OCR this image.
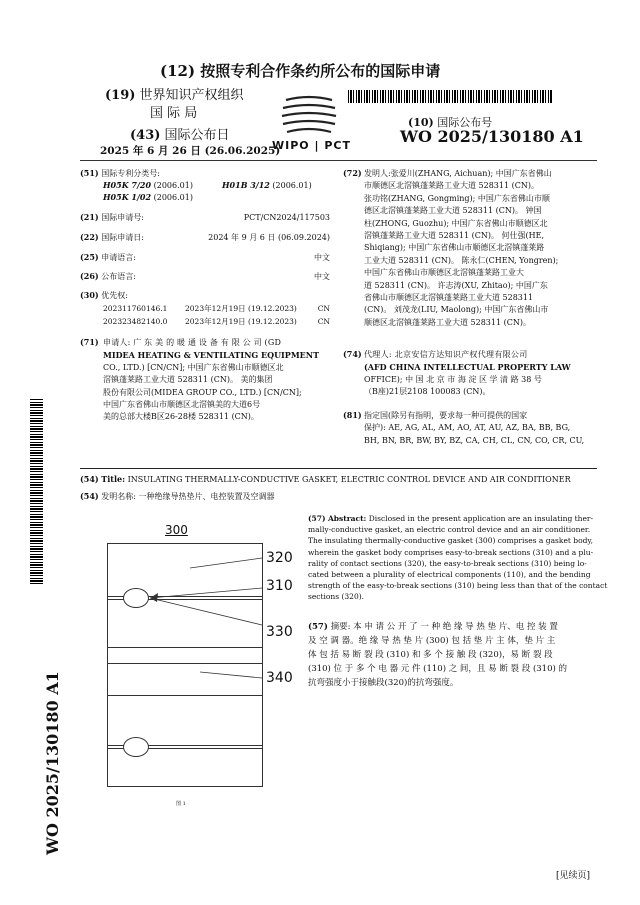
(12) 按照专利合作条约所公布的国际申请
(19) 世界知识产权组织
国 际 局
(43) 国际公布日
2025 年 6 月 26 日 (26.06.2025)
WIPO | PCT
(10) 国际公布号
WO 2025/130180 A1
(51) 国际专利分类号:
H05K 7/20 (2006.01)	H01B 3/12 (2006.01)
H05K 1/02 (2006.01)
(21) 国际申请号:	PCT/CN2024/117503
(22) 国际申请日:	2024 年 9 月 6 日 (06.09.2024)
(25) 申请语言:	中文
(26) 公布语言:	中文
(30) 优先权:
202311760146.1 2023年12月19日 (19.12.2023)	CN
202323482140.0 2023年12月19日 (19.12.2023)	CN
(71) 申请人: 广 东 美 的 暖 通 设 备 有 限 公 司 (GD
MIDEA HEATING & VENTILATING EQUIPMENT
CO., LTD.) [CN/CN]; 中国广东省佛山市顺德区北
滘镇蓬莱路工业大道 528311 (CN)。 美的集团
股份有限公司(MIDEA GROUP CO., LTD.) [CN/CN];
中国广东省佛山市顺德区北滘镇美的大道6号
美的总部大楼B区26-28楼 528311 (CN)。
(72) 发明人:张爱川(ZHANG, Aichuan); 中国广东省佛山
市顺德区北滘镇蓬莱路工业大道 528311 (CN)。
张功铭(ZHANG, Gongming); 中国广东省佛山市顺
德区北滘镇蓬莱路工业大道 528311 (CN)。 钟国
柱(ZHONG, Guozhu); 中国广东省佛山市顺德区北
滘镇蓬莱路工业大道 528311 (CN)。 何仕强(HE,
Shiqiang); 中国广东省佛山市顺德区北滘镇蓬莱路
工业大道 528311 (CN)。 陈永仁(CHEN, Yongren);
中国广东省佛山市顺德区北滘镇蓬莱路工业大
道 528311 (CN)。 许志涛(XU, Zhitao); 中国广东
省佛山市顺德区北滘镇蓬莱路工业大道 528311
(CN)。 刘茂龙(LIU, Maolong); 中国广东省佛山市
顺德区北滘镇蓬莱路工业大道 528311 (CN)。
(74) 代理人: 北京安信方达知识产权代理有限公司
(AFD CHINA INTELLECTUAL PROPERTY LAW
OFFICE); 中 国 北 京 市 海 淀 区 学 清 路 38 号
（B座)21层2108 100083 (CN)。
(81) 指定国(除另有指明，要求每一种可提供的国家
保护): AE, AG, AL, AM, AO, AT, AU, AZ, BA, BB, BG,
BH, BN, BR, BW, BY, BZ, CA, CH, CL, CN, CO, CR, CU,
(54) Title: INSULATING THERMALLY-CONDUCTIVE GASKET, ELECTRIC CONTROL DEVICE AND AIR CONDITIONER
(54) 发明名称: 一种绝缘导热垫片、电控装置及空调器
300
320
310
330
340
图 1
(57) Abstract: Disclosed in the present application are an insulating ther-
mally-conductive gasket, an electric control device and an air conditioner.
The insulating thermally-conductive gasket (300) comprises a gasket body,
wherein the gasket body comprises easy-to-break sections (310) and a plu-
rality of contact sections (320), the easy-to-break sections (310) being lo-
cated between a plurality of electrical components (110), and the bending
strength of the easy-to-break sections (310) being less than that of the contact
sections (320).
(57) 摘要: 本 申 请 公 开 了 一 种 绝 缘 导 热 垫 片、电 控 装 置
及 空 调 器。绝 缘 导 热 垫 片 (300) 包 括 垫 片 主 体，垫 片 主
体 包 括 易 断 裂 段 (310) 和 多 个 接 触 段 (320)，易 断 裂 段
(310) 位 于 多 个 电 器 元 件 (110) 之 间，且 易 断 裂 段 (310) 的
抗弯强度小于接触段(320)的抗弯强度。
WO 2025/130180 A1
[见续页]
